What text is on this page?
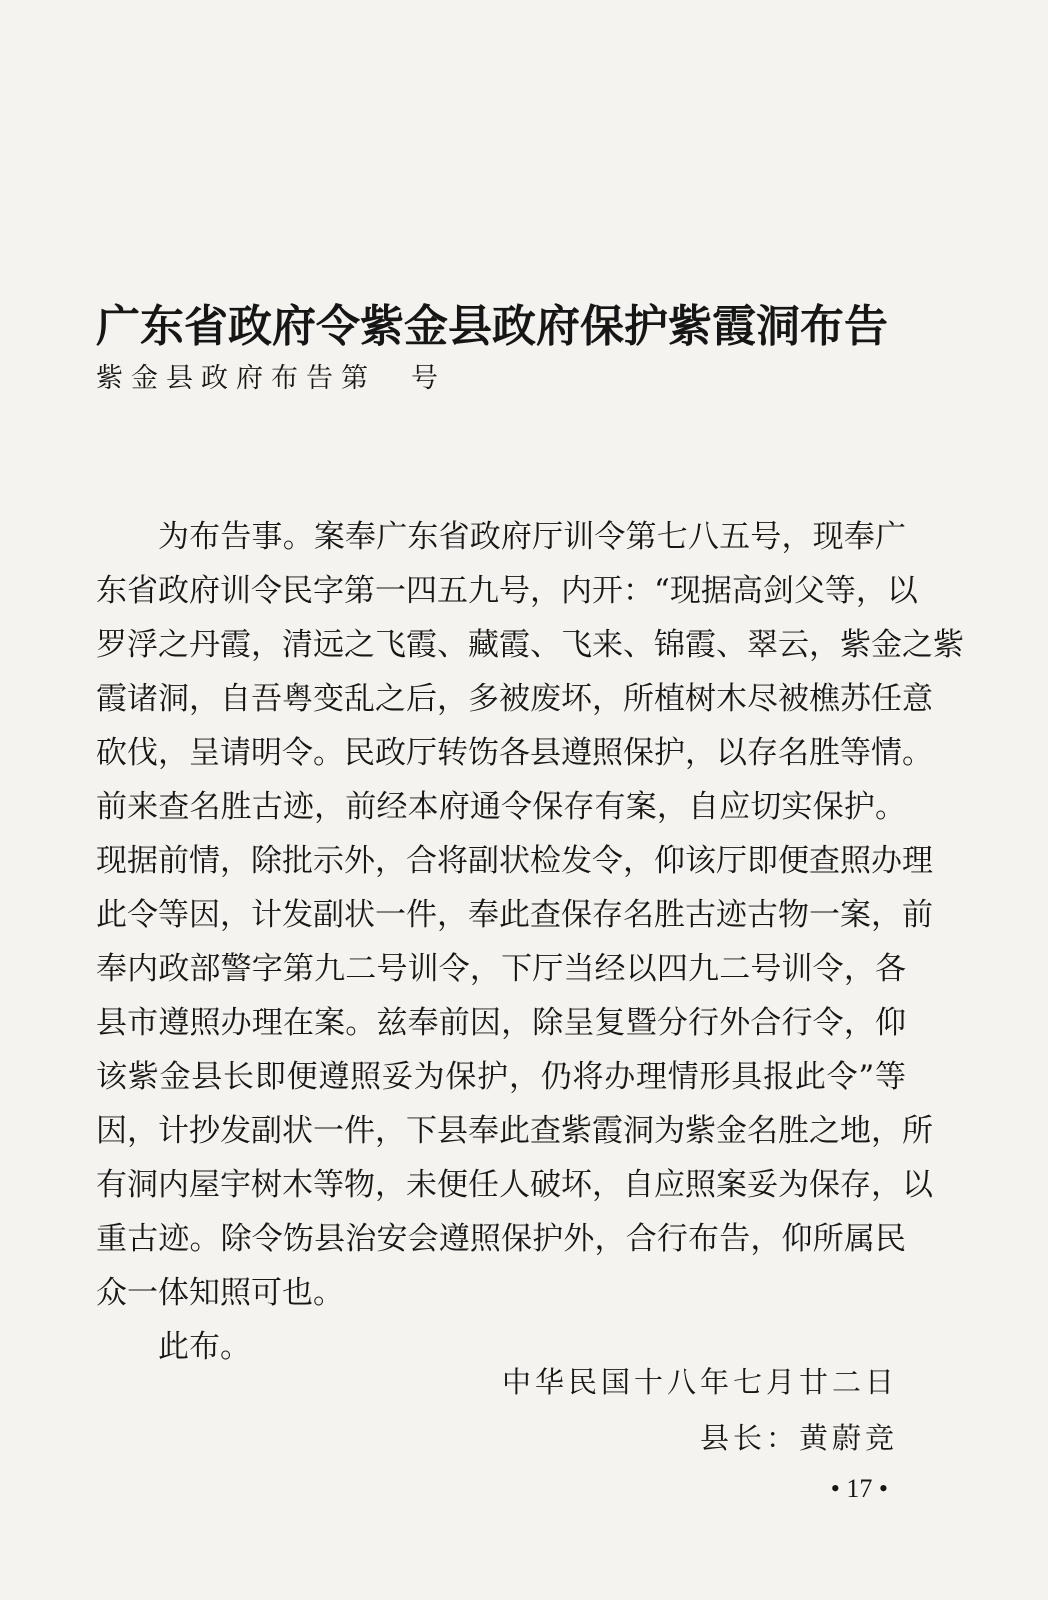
广东省政府令紫金县政府保护紫霞洞布告
紫金县政府布告第　号
为布告事。案奉广东省政府厅训令第七八五号，现奉广
东省政府训令民字第一四五九号，内开：“现据高剑父等，以
罗浮之丹霞，清远之飞霞、藏霞、飞来、锦霞、翠云，紫金之紫
霞诸洞，自吾粤变乱之后，多被废坏，所植树木尽被樵苏任意
砍伐，呈请明令。民政厅转饬各县遵照保护，以存名胜等情。
前来查名胜古迹，前经本府通令保存有案，自应切实保护。
现据前情，除批示外，合将副状检发令，仰该厅即便查照办理
此令等因，计发副状一件，奉此查保存名胜古迹古物一案，前
奉内政部警字第九二号训令，下厅当经以四九二号训令，各
县市遵照办理在案。兹奉前因，除呈复暨分行外合行令，仰
该紫金县长即便遵照妥为保护，仍将办理情形具报此令”等
因，计抄发副状一件，下县奉此查紫霞洞为紫金名胜之地，所
有洞内屋宇树木等物，未便任人破坏，自应照案妥为保存，以
重古迹。除令饬县治安会遵照保护外，合行布告，仰所属民
众一体知照可也。
此布。
中华民国十八年七月廿二日
县长：黄蔚竞
• 17 •
